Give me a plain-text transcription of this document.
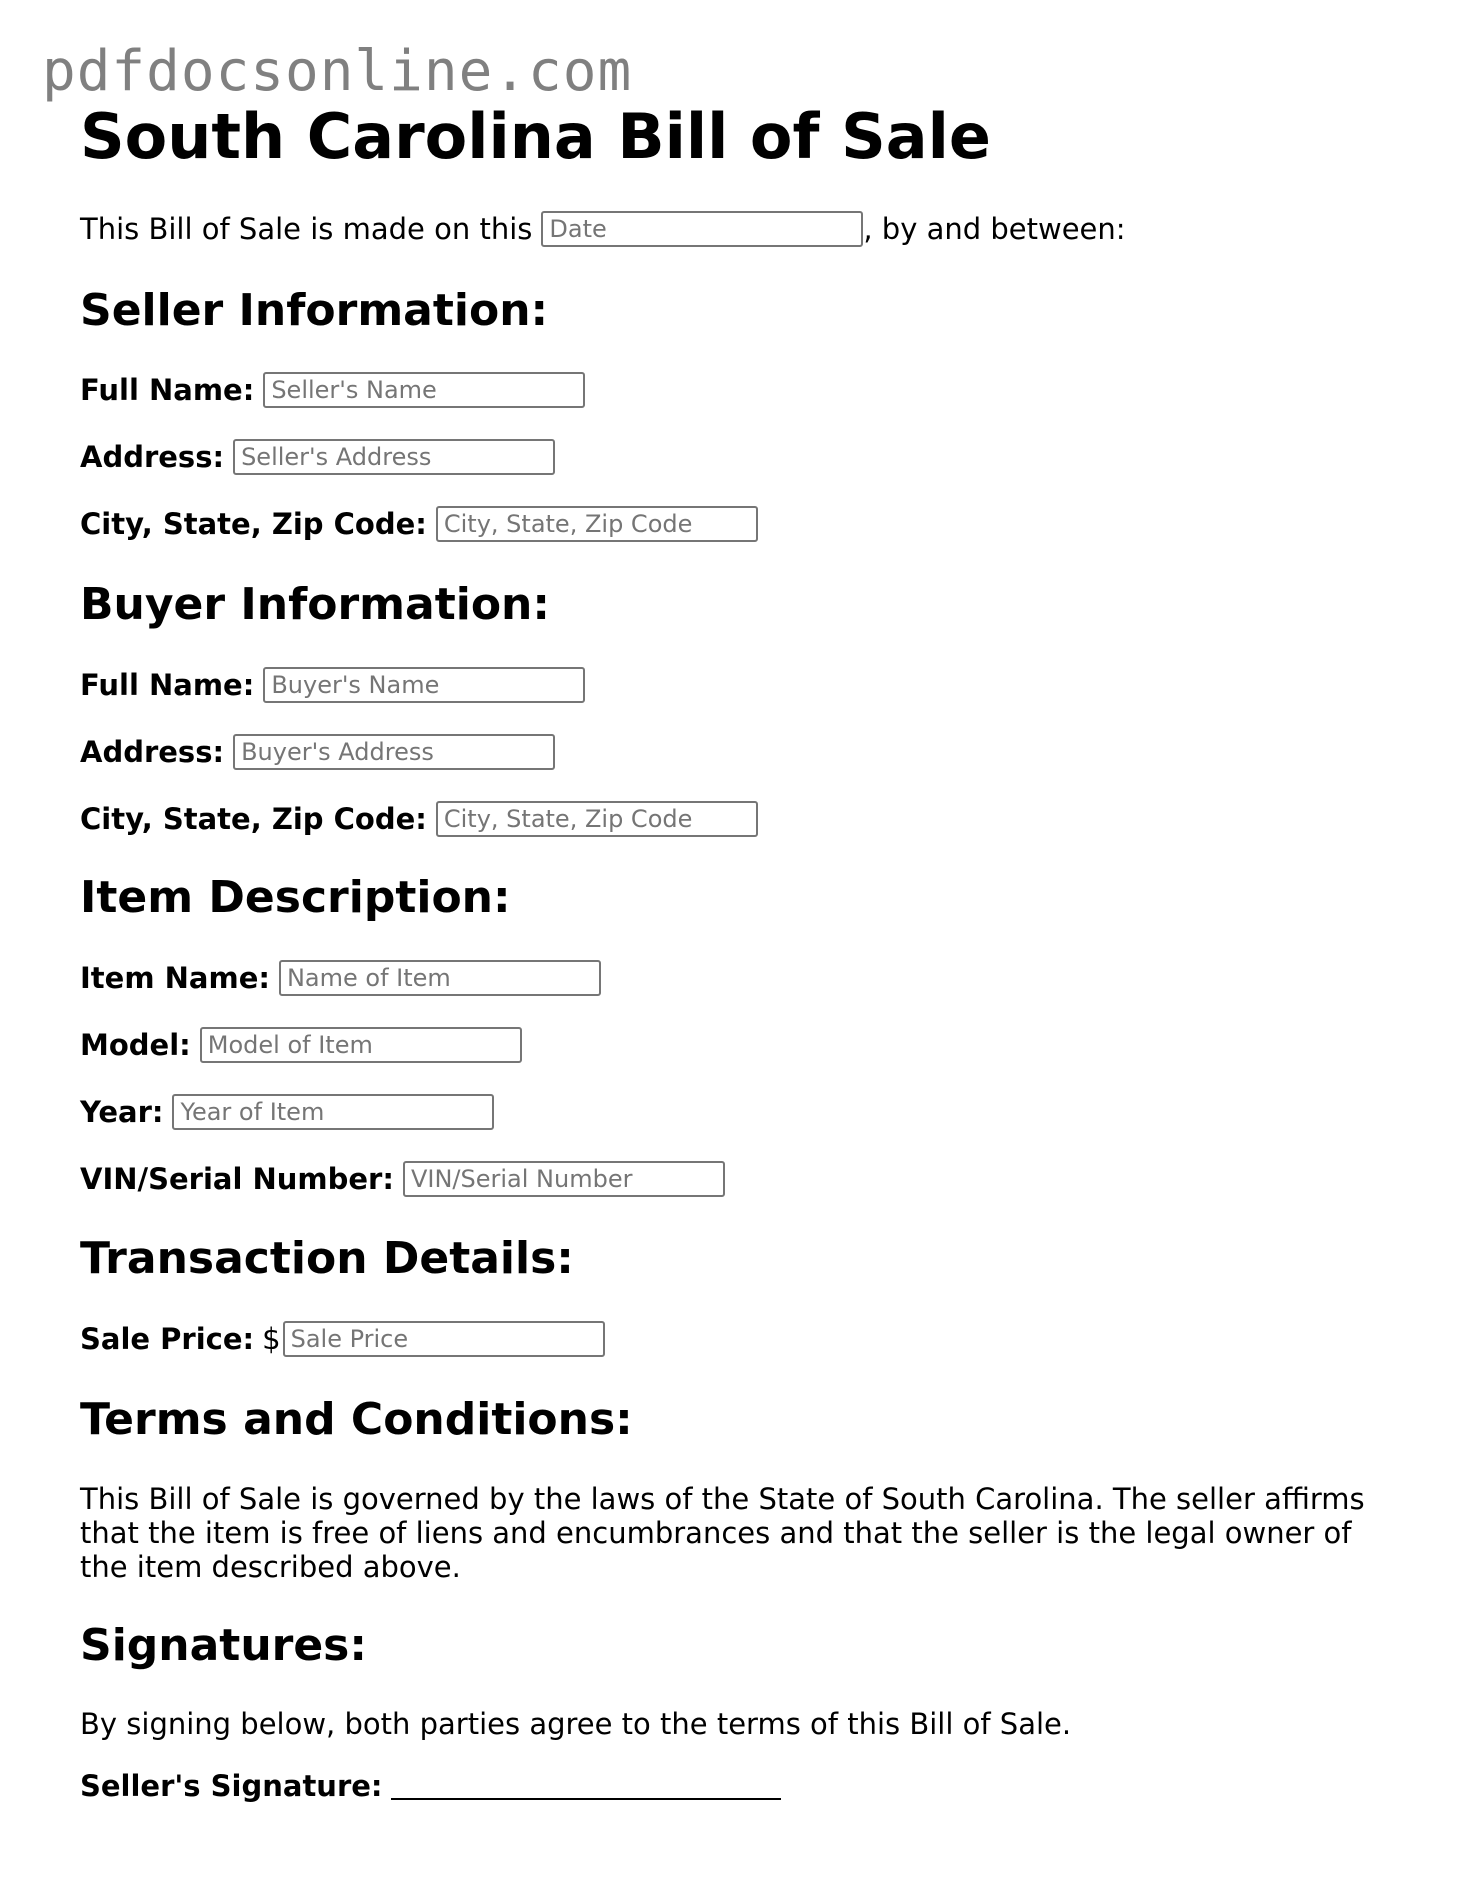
pdfdocsonline.com
South Carolina Bill of Sale
This Bill of Sale is made on this
Date	, by and between:
Seller Information:
Full Name:
Seller's Name
Address:
Seller's Address
City, State, Zip Code:
City, State, Zip Code
Buyer Information:
Full Name:
Buyer's Name
Address:
Buyer's Address
City, State, Zip Code:
City, State, Zip Code
Item Description:
Item Name:
Name of Item
Model:
Model of Item
Year:
Year of Item
VIN/Serial Number:
VIN/Serial Number
Transaction Details:
Sale Price: $
Sale Price
Terms and Conditions:

This Bill of Sale is governed by the laws of the State of South Carolina. The seller affirms that the item is free of liens and encumbrances and that the seller is the legal owner of the item described above.

Signatures:

By signing below, both parties agree to the terms of this Bill of Sale.

Seller's Signature:
